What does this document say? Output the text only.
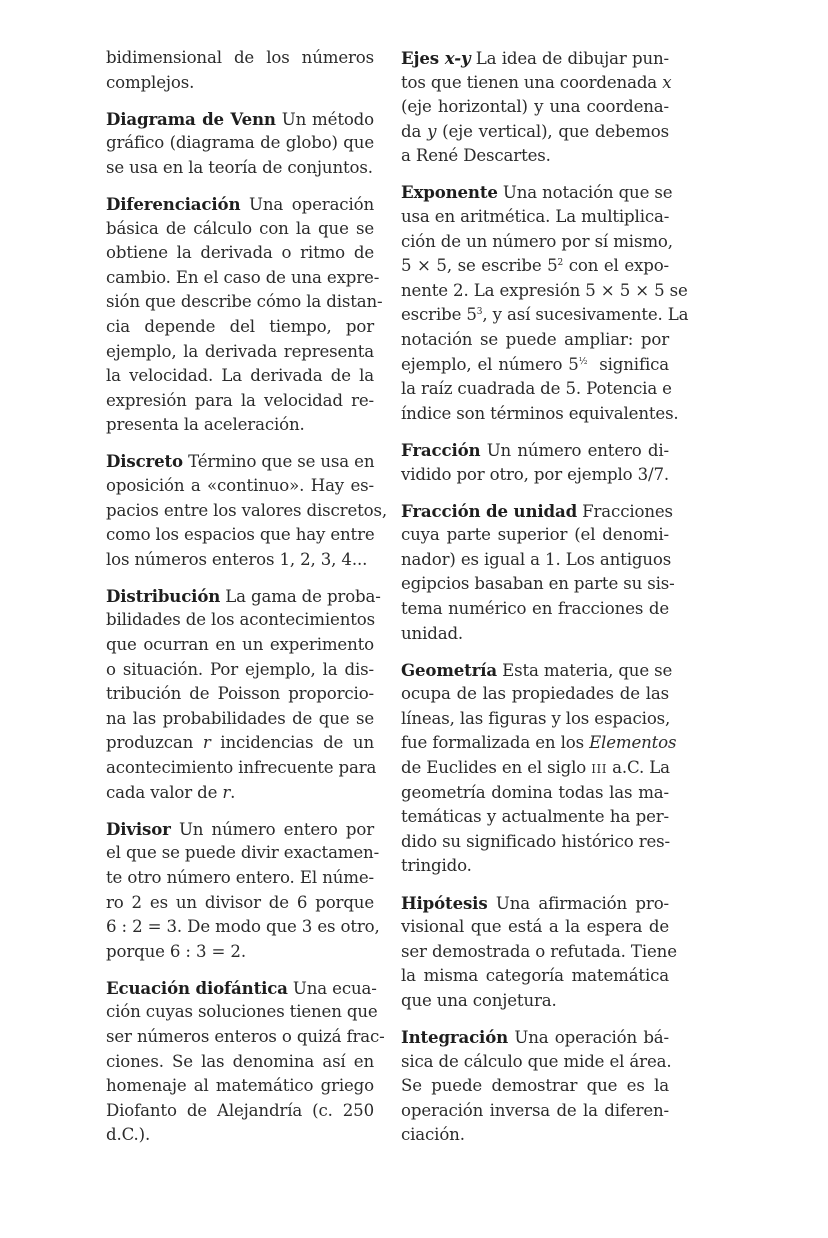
bidimensional de los números
complejos.
Diagrama de Venn Un método
gráfico (diagrama de globo) que
se usa en la teoría de conjuntos.
Diferenciación Una operación
básica de cálculo con la que se
obtiene la derivada o ritmo de
cambio. En el caso de una expre-
sión que describe cómo la distan-
cia depende del tiempo, por
ejemplo, la derivada representa
la velocidad. La derivada de la
expresión para la velocidad re-
presenta la aceleración.
Discreto Término que se usa en
oposición a «continuo». Hay es-
pacios entre los valores discretos,
como los espacios que hay entre
los números enteros 1, 2, 3, 4...
Distribución La gama de proba-
bilidades de los acontecimientos
que ocurran en un experimento
o situación. Por ejemplo, la dis-
tribución de Poisson proporcio-
na las probabilidades de que se
produzcan r incidencias de un
acontecimiento infrecuente para
cada valor de r.
Divisor Un número entero por
el que se puede divir exactamen-
te otro número entero. El núme-
ro 2 es un divisor de 6 porque
6 : 2 = 3. De modo que 3 es otro,
porque 6 : 3 = 2.
Ecuación diofántica Una ecua-
ción cuyas soluciones tienen que
ser números enteros o quizá frac-
ciones. Se las denomina así en
homenaje al matemático griego
Diofanto de Alejandría (c. 250
d.C.).
Ejes x-y La idea de dibujar pun-
tos que tienen una coordenada x
(eje horizontal) y una coordena-
da y (eje vertical), que debemos
a René Descartes.
Exponente Una notación que se
usa en aritmética. La multiplica-
ción de un número por sí mismo,
5 × 5, se escribe $5^2$ con el expo-
nente 2. La expresión 5 × 5 × 5 se
escribe $5^3$, y así sucesivamente. La
notación se puede ampliar: por
ejemplo, el número $5^{\frac{1}{2}}$  significa
la raíz cuadrada de 5. Potencia e
índice son términos equivalentes.
Fracción Un número entero di-
vidido por otro, por ejemplo 3/7.
Fracción de unidad Fracciones
cuya parte superior (el denomi-
nador) es igual a 1. Los antiguos
egipcios basaban en parte su sis-
tema numérico en fracciones de
unidad.
Geometría Esta materia, que se
ocupa de las propiedades de las
líneas, las figuras y los espacios,
fue formalizada en los Elementos
de Euclides en el siglo III a.C. La
geometría domina todas las ma-
temáticas y actualmente ha per-
dido su significado histórico res-
tringido.
Hipótesis Una afirmación pro-
visional que está a la espera de
ser demostrada o refutada. Tiene
la misma categoría matemática
que una conjetura.
Integración Una operación bá-
sica de cálculo que mide el área.
Se puede demostrar que es la
operación inversa de la diferen-
ciación.
